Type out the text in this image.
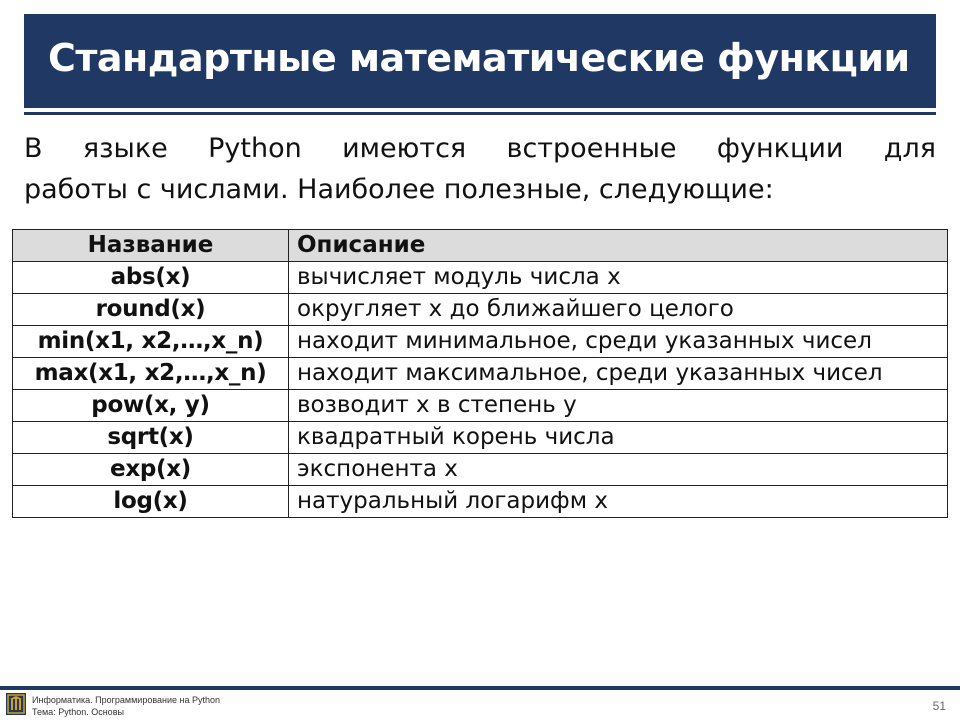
Стандартные математические функции
В языке Python имеются встроенные функции для
работы с числами. Наиболее полезные, следующие:
Название	Описание
abs(x)	вычисляет модуль числа x
round(x)	округляет x до ближайшего целого
min(x1, x2,…,x_n)	находит минимальное, среди указанных чисел
max(x1, x2,…,x_n)	находит максимальное, среди указанных чисел
pow(x, y)	возводит x в степень y
sqrt(x)	квадратный корень числа
exp(x)	экспонента x
log(x)	натуральный логарифм x
Информатика. Программирование на Python
Тема: Python. Основы	51
